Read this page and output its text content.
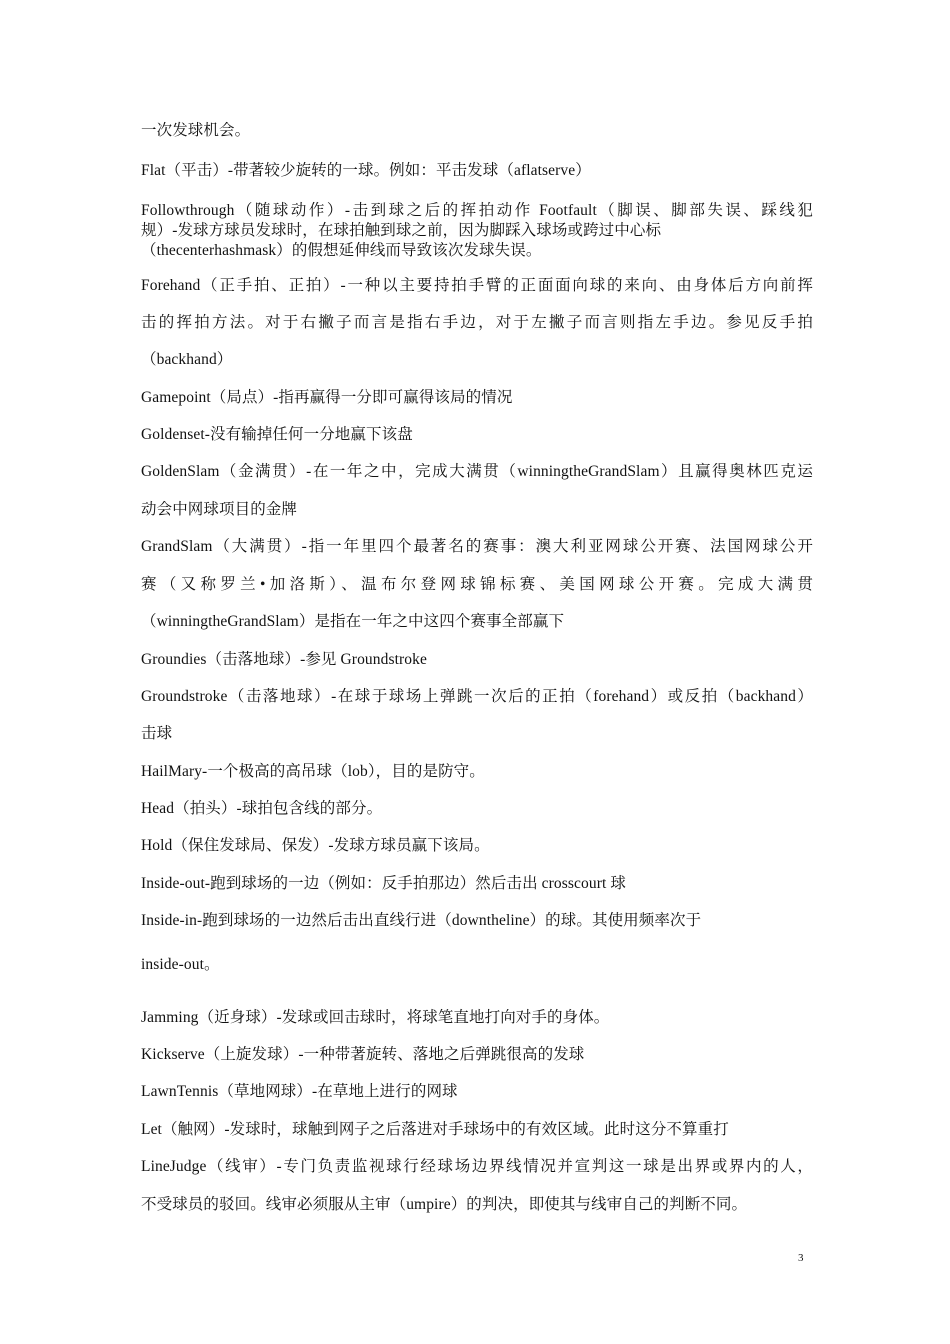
一次发球机会。
Flat（平击）-带著较少旋转的一球。例如：平击发球（aflatserve）
Followthrough（随球动作）-击到球之后的挥拍动作 Footfault（脚误、脚部失误、踩线犯
规）-发球方球员发球时，在球拍触到球之前，因为脚踩入球场或跨过中心标
（thecenterhashmask）的假想延伸线而导致该次发球失误。
Forehand（正手拍、正拍）-一种以主要持拍手臂的正面面向球的来向、由身体后方向前挥
击的挥拍方法。对于右撇子而言是指右手边，对于左撇子而言则指左手边。参见反手拍
（backhand）
Gamepoint（局点）-指再赢得一分即可赢得该局的情况
Goldenset-没有输掉任何一分地赢下该盘
GoldenSlam（金满贯）-在一年之中，完成大满贯（winningtheGrandSlam）且赢得奥林匹克运
动会中网球项目的金牌
GrandSlam（大满贯）-指一年里四个最著名的赛事：澳大利亚网球公开赛、法国网球公开
赛（又称罗兰•加洛斯）、温布尔登网球锦标赛、美国网球公开赛。完成大满贯
（winningtheGrandSlam）是指在一年之中这四个赛事全部赢下
Groundies（击落地球）-参见 Groundstroke
Groundstroke（击落地球）-在球于球场上弹跳一次后的正拍（forehand）或反拍（backhand）
击球
HailMary-一个极高的高吊球（lob），目的是防守。
Head（拍头）-球拍包含线的部分。
Hold（保住发球局、保发）-发球方球员赢下该局。
Inside-out-跑到球场的一边（例如：反手拍那边）然后击出 crosscourt 球
Inside-in-跑到球场的一边然后击出直线行进（downtheline）的球。其使用频率次于
inside-out。
Jamming（近身球）-发球或回击球时，将球笔直地打向对手的身体。
Kickserve（上旋发球）-一种带著旋转、落地之后弹跳很高的发球
LawnTennis（草地网球）-在草地上进行的网球
Let（触网）-发球时，球触到网子之后落进对手球场中的有效区域。此时这分不算重打
LineJudge（线审）-专门负责监视球行经球场边界线情况并宣判这一球是出界或界内的人，
不受球员的驳回。线审必须服从主审（umpire）的判决，即使其与线审自己的判断不同。
3
